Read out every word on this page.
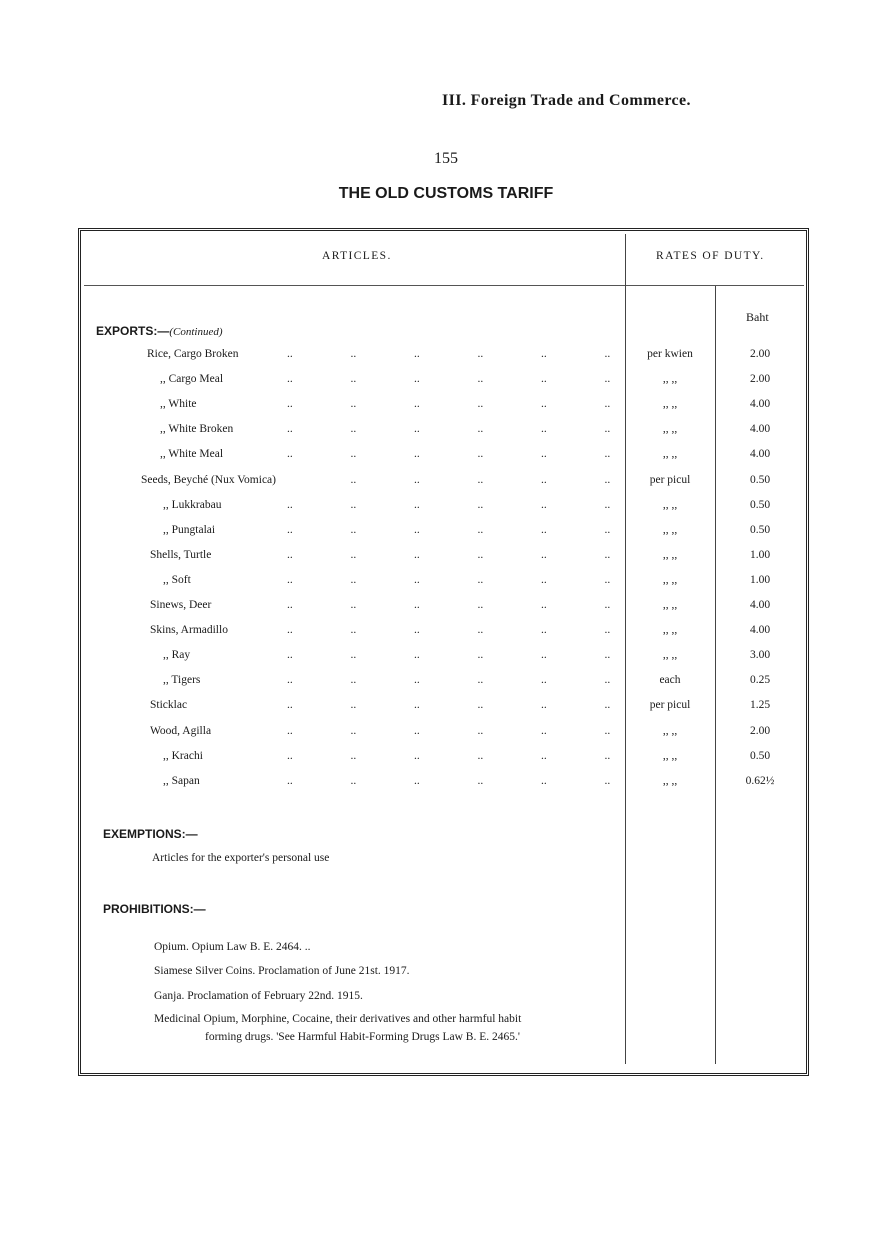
III. Foreign Trade and Commerce.
155
THE OLD CUSTOMS TARIFF
ARTICLES.	RATES OF DUTY.
Baht
EXPORTS:—(Continued)
Rice, Cargo Broken	..	..	..	..	..	..	per kwien	2.00
,, Cargo Meal	..	..	..	..	..	..	,, ,,	2.00
,, White	..	..	..	..	..	..	,, ,,	4.00
,, White Broken	..	..	..	..	..	..	,, ,,	4.00
,, White Meal	..	..	..	..	..	..	,, ,,	4.00
Seeds, Beyché (Nux Vomica)	..	..	..	..	..	per picul	0.50
,, Lukkrabau	..	..	..	..	..	..	,, ,,	0.50
,, Pungtalai	..	..	..	..	..	..	,, ,,	0.50
Shells, Turtle	..	..	..	..	..	..	,, ,,	1.00
,, Soft	..	..	..	..	..	..	,, ,,	1.00
Sinews, Deer	..	..	..	..	..	..	,, ,,	4.00
Skins, Armadillo	..	..	..	..	..	..	,, ,,	4.00
,, Ray	..	..	..	..	..	..	,, ,,	3.00
,, Tigers	..	..	..	..	..	..	each	0.25
Sticklac	..	..	..	..	..	..	per picul	1.25
Wood, Agilla	..	..	..	..	..	..	,, ,,	2.00
,, Krachi	..	..	..	..	..	..	,, ,,	0.50
,, Sapan	..	..	..	..	..	..	,, ,,	0.62½
EXEMPTIONS:—
Articles for the exporter's personal use
PROHIBITIONS:—
Opium. Opium Law B. E. 2464. ..
Siamese Silver Coins. Proclamation of June 21st. 1917.
Ganja. Proclamation of February 22nd. 1915.
Medicinal Opium, Morphine, Cocaine, their derivatives and other harmful habit
forming drugs. 'See Harmful Habit-Forming Drugs Law B. E. 2465.'
